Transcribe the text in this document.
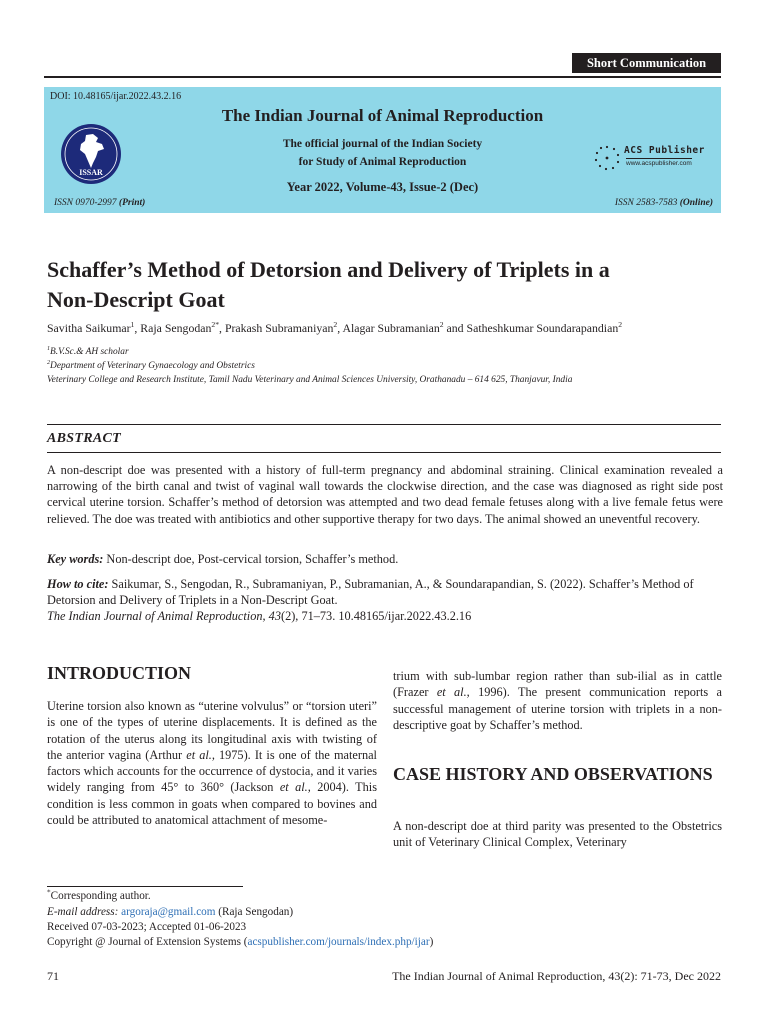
Short Communication
DOI: 10.48165/ijar.2022.43.2.16
The Indian Journal of Animal Reproduction
The official journal of the Indian Society
for Study of Animal Reproduction
Year 2022, Volume-43, Issue-2 (Dec)
ISSN 0970-2997 (Print)	ISSN 2583-7583 (Online)
ISSAR
ACS Publisher
www.acspublisher.com
Schaffer’s Method of Detorsion and Delivery of Triplets in a
Non-Descript Goat
Savitha Saikumar$^1$, Raja Sengodan$^{2*}$, Prakash Subramaniyan$^2$, Alagar Subramanian$^2$ and Satheshkumar Soundarapandian$^2$
$^1$B.V.Sc.& AH scholar
$^2$Department of Veterinary Gynaecology and Obstetrics
Veterinary College and Research Institute, Tamil Nadu Veterinary and Animal Sciences University, Orathanadu – 614 625, Thanjavur, India
ABSTRACT
A non-descript doe was presented with a history of full-term pregnancy and abdominal straining. Clinical examination revealed a narrowing of the birth canal and twist of vaginal wall towards the clockwise direction, and the case was diagnosed as right side post cervical uterine torsion. Schaffer’s method of detorsion was attempted and two dead female fetuses along with a live female fetus were relieved. The doe was treated with antibiotics and other supportive therapy for two days. The animal showed an uneventful recovery.
Key words: Non-descript doe, Post-cervical torsion, Schaffer’s method.
How to cite: Saikumar, S., Sengodan, R., Subramaniyan, P., Subramanian, A., & Soundarapandian, S. (2022). Schaffer’s Method of Detorsion and Delivery of Triplets in a Non-Descript Goat.
The Indian Journal of Animal Reproduction, 43(2), 71–73. 10.48165/ijar.2022.43.2.16
INTRODUCTION
Uterine torsion also known as “uterine volvulus” or “torsion uteri” is one of the types of uterine displacements. It is defined as the rotation of the uterus along its longitudinal axis with twisting of the anterior vagina (Arthur et al., 1975). It is one of the maternal factors which accounts for the occurrence of dystocia, and it varies widely ranging from 45° to 360° (Jackson et al., 2004). This condition is less common in goats when compared to bovines and could be attributed to anatomical attachment of mesome-
trium with sub-lumbar region rather than sub-ilial as in cattle (Frazer et al., 1996). The present communication reports a successful management of uterine torsion with triplets in a non-descriptive goat by Schaffer’s method.
CASE HISTORY AND OBSERVATIONS
A non-descript doe at third parity was presented to the Obstetrics unit of Veterinary Clinical Complex, Veterinary
*Corresponding author.
E-mail address: argoraja@gmail.com (Raja Sengodan)
Received 07-03-2023; Accepted 01-06-2023
Copyright @ Journal of Extension Systems (acspublisher.com/journals/index.php/ijar)
71	The Indian Journal of Animal Reproduction, 43(2): 71-73, Dec 2022
